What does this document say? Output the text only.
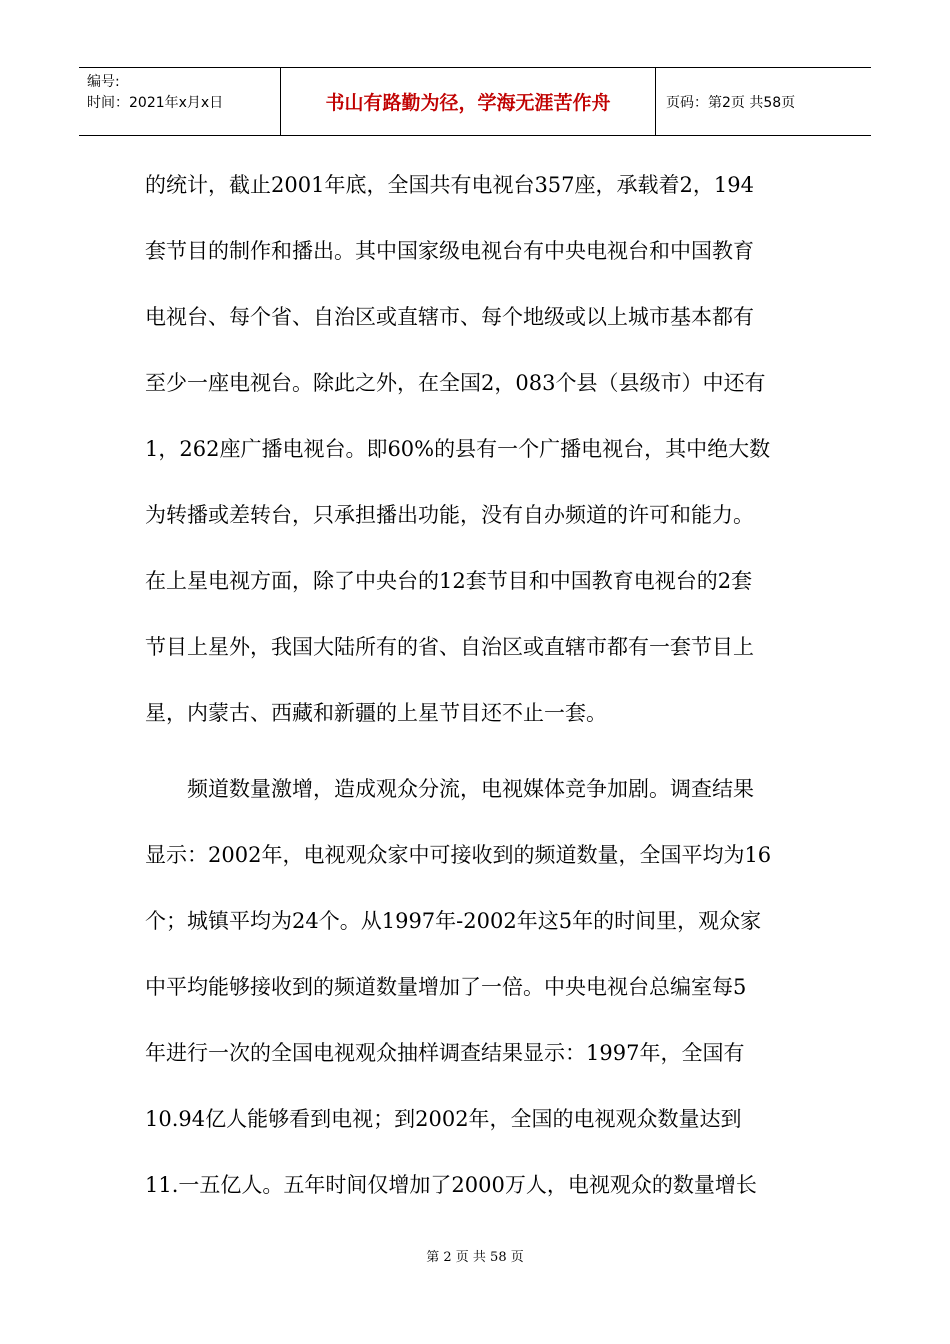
编号:
时间：2021年x月x日	书山有路勤为径，学海无涯苦作舟	页码：第2页 共58页

的统计，截止2001年底，全国共有电视台357座，承载着2，194

套节目的制作和播出。其中国家级电视台有中央电视台和中国教育

电视台、每个省、自治区或直辖市、每个地级或以上城市基本都有

至少一座电视台。除此之外，在全国2，083个县（县级市）中还有

1，262座广播电视台。即60%的县有一个广播电视台，其中绝大数

为转播或差转台，只承担播出功能，没有自办频道的许可和能力。

在上星电视方面，除了中央台的12套节目和中国教育电视台的2套

节目上星外，我国大陆所有的省、自治区或直辖市都有一套节目上

星，内蒙古、西藏和新疆的上星节目还不止一套。

频道数量激增，造成观众分流，电视媒体竞争加剧。调查结果

显示：2002年，电视观众家中可接收到的频道数量，全国平均为16

个；城镇平均为24个。从1997年-2002年这5年的时间里，观众家

中平均能够接收到的频道数量增加了一倍。中央电视台总编室每5

年进行一次的全国电视观众抽样调查结果显示：1997年，全国有

10.94亿人能够看到电视；到2002年，全国的电视观众数量达到

11.一五亿人。五年时间仅增加了2000万人，电视观众的数量增长

第 2 页 共 58 页
